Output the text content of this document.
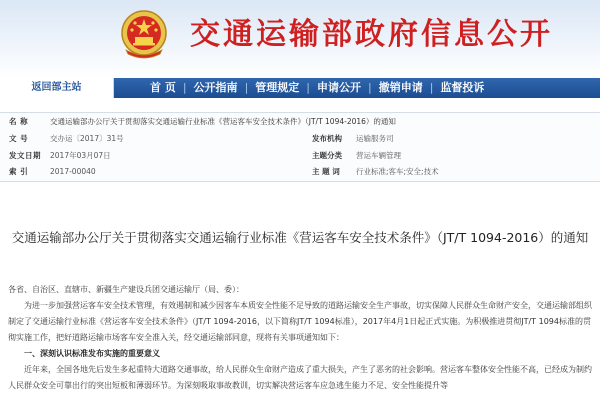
交通运输部政府信息公开
返回部主站	首 页 | 公开指南 | 管理规定 | 申请公开 | 撤销申请 | 监督投诉
名 称	交通运输部办公厅关于贯彻落实交通运输行业标准《营运客车安全技术条件》（JT/T 1094-2016）的通知
文 号	交办运〔2017〕31号	发布机构 运输服务司
发文日期 2017年03月07日	主题分类 营运车辆管理
索 引	2017-00040	主 题 词 行业标准;客车;安全;技术
交通运输部办公厅关于贯彻落实交通运输行业标准《营运客车安全技术条件》（JT/T 1094-2016）的通知
各省、自治区、直辖市、新疆生产建设兵团交通运输厅（局、委）：
为进一步加强营运客车安全技术管理，有效遏制和减少因客车本质安全性能不足导致的道路运输安全生产事故，切实保障人民群众生命财产安全，交通运输部组织制定了交通运输行业标准《营运客车安全技术条件》（JT/T 1094-2016，以下简称JT/T 1094标准），2017年4月1日起正式实施。为积极推进贯彻JT/T 1094标准的贯彻实施工作，把好道路运输市场客车安全准入关，经交通运输部同意，现将有关事项通知如下：
一、深刻认识标准发布实施的重要意义
近年来，全国各地先后发生多起重特大道路交通事故，给人民群众生命财产造成了重大损失，产生了恶劣的社会影响。营运客车整体安全性能不高，已经成为制约人民群众安全可靠出行的突出短板和薄弱环节。为深刻吸取事故教训，切实解决营运客车应急逃生能力不足、安全性能提升等
